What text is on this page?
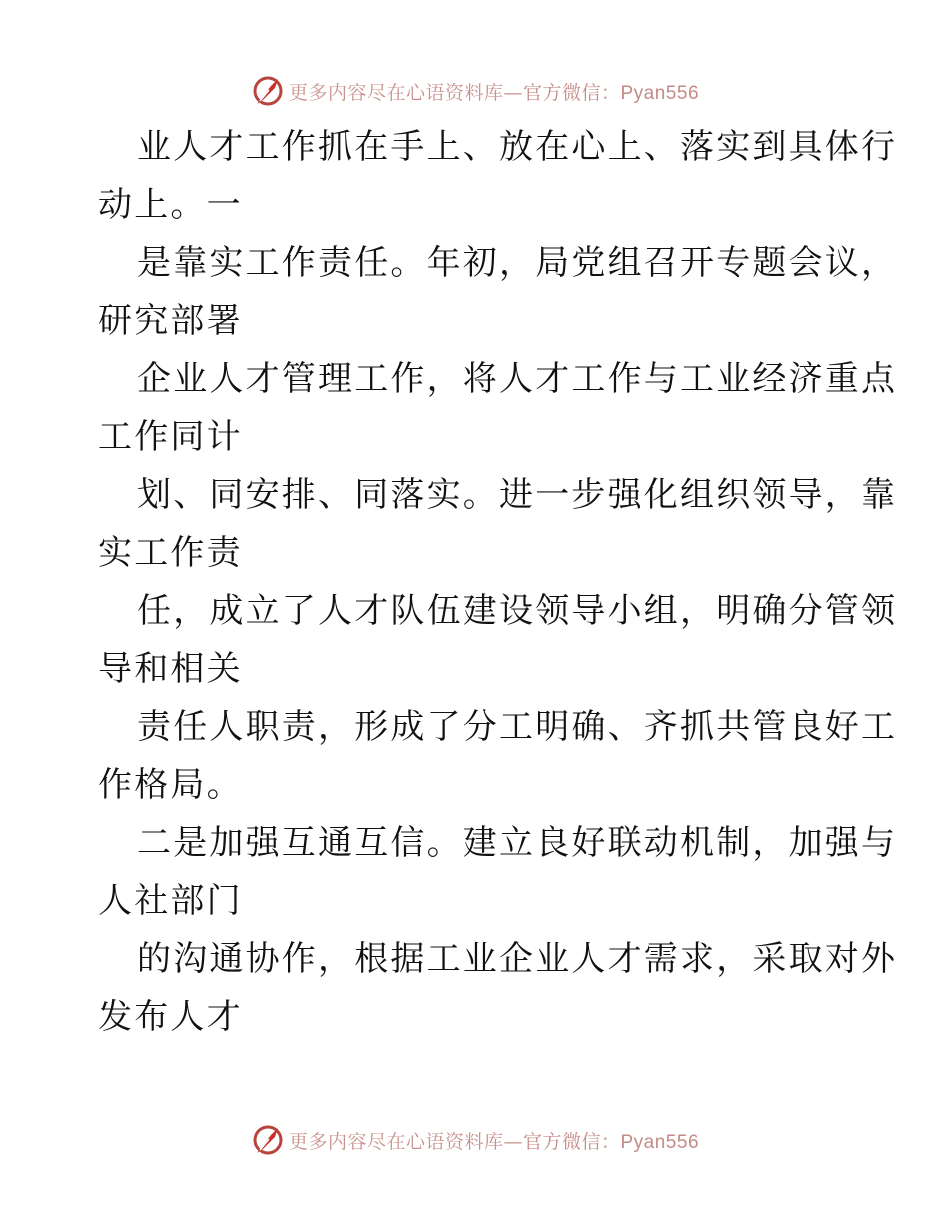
更多内容尽在心语资料库—官方微信：Pyan556
业人才工作抓在手上、放在心上、落实到具体行
动上。一
是靠实工作责任。年初，局党组召开专题会议，
研究部署
企业人才管理工作，将人才工作与工业经济重点
工作同计
划、同安排、同落实。进一步强化组织领导，靠
实工作责
任，成立了人才队伍建设领导小组，明确分管领
导和相关
责任人职责，形成了分工明确、齐抓共管良好工
作格局。
二是加强互通互信。建立良好联动机制，加强与
人社部门
的沟通协作，根据工业企业人才需求，采取对外
发布人才
更多内容尽在心语资料库—官方微信：Pyan556
